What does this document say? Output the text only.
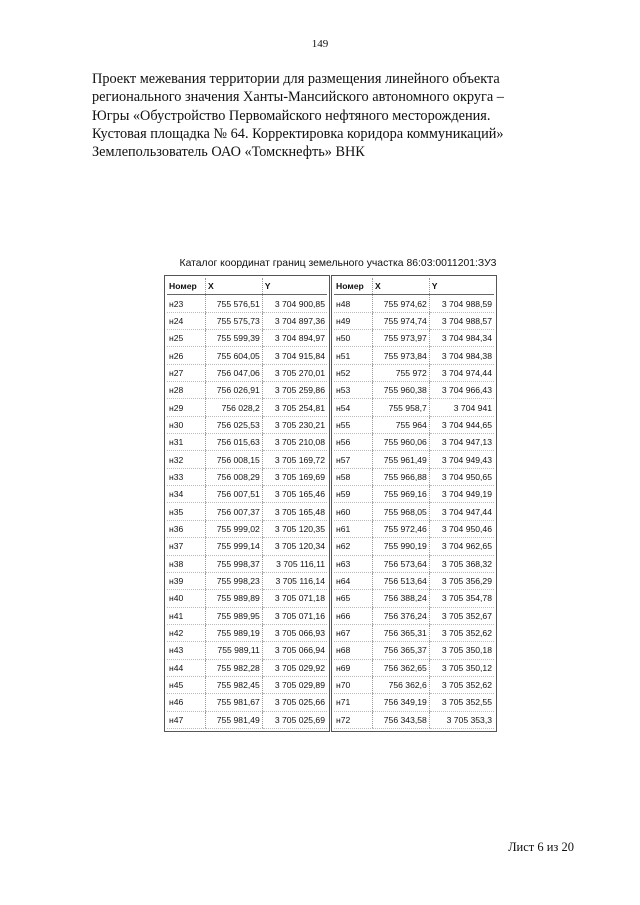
149
Проект межевания территории для размещения линейного объекта
регионального значения Ханты-Мансийского автономного округа –
Югры «Обустройство Первомайского нефтяного месторождения.
Кустовая площадка № 64. Корректировка коридора коммуникаций»
Землепользователь ОАО «Томскнефть» ВНК
Каталог координат границ земельного участка 86:03:0011201:ЗУ3
Номер	X	Y
н23	755 576,51	3 704 900,85
н24	755 575,73	3 704 897,36
н25	755 599,39	3 704 894,97
н26	755 604,05	3 704 915,84
н27	756 047,06	3 705 270,01
н28	756 026,91	3 705 259,86
н29	756 028,2	3 705 254,81
н30	756 025,53	3 705 230,21
н31	756 015,63	3 705 210,08
н32	756 008,15	3 705 169,72
н33	756 008,29	3 705 169,69
н34	756 007,51	3 705 165,46
н35	756 007,37	3 705 165,48
н36	755 999,02	3 705 120,35
н37	755 999,14	3 705 120,34
н38	755 998,37	3 705 116,11
н39	755 998,23	3 705 116,14
н40	755 989,89	3 705 071,18
н41	755 989,95	3 705 071,16
н42	755 989,19	3 705 066,93
н43	755 989,11	3 705 066,94
н44	755 982,28	3 705 029,92
н45	755 982,45	3 705 029,89
н46	755 981,67	3 705 025,66
н47	755 981,49	3 705 025,69
Номер	X	Y
н48	755 974,62	3 704 988,59
н49	755 974,74	3 704 988,57
н50	755 973,97	3 704 984,34
н51	755 973,84	3 704 984,38
н52	755 972	3 704 974,44
н53	755 960,38	3 704 966,43
н54	755 958,7	3 704 941
н55	755 964	3 704 944,65
н56	755 960,06	3 704 947,13
н57	755 961,49	3 704 949,43
н58	755 966,88	3 704 950,65
н59	755 969,16	3 704 949,19
н60	755 968,05	3 704 947,44
н61	755 972,46	3 704 950,46
н62	755 990,19	3 704 962,65
н63	756 573,64	3 705 368,32
н64	756 513,64	3 705 356,29
н65	756 388,24	3 705 354,78
н66	756 376,24	3 705 352,67
н67	756 365,31	3 705 352,62
н68	756 365,37	3 705 350,18
н69	756 362,65	3 705 350,12
н70	756 362,6	3 705 352,62
н71	756 349,19	3 705 352,55
н72	756 343,58	3 705 353,3
Лист 6 из 20
